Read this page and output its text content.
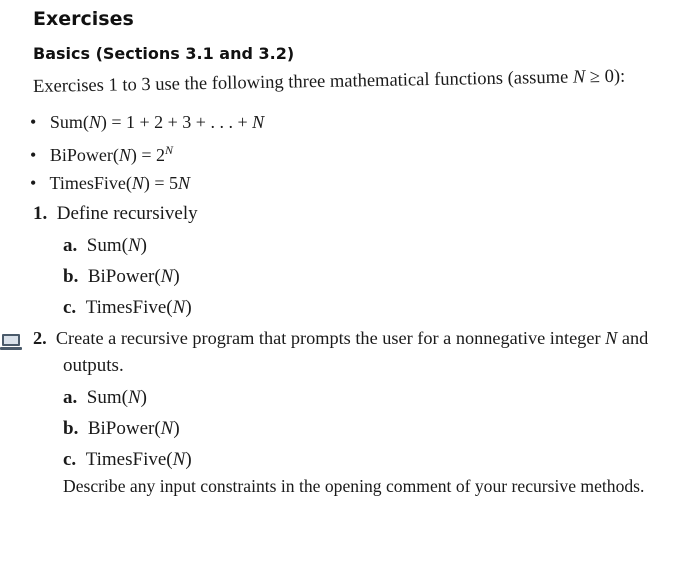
Exercises
Basics (Sections 3.1 and 3.2)
Exercises 1 to 3 use the following three mathematical functions (assume N ≥ 0):
• Sum(N) = 1 + 2 + 3 + . . . + N
• BiPower(N) = $2^N$
• TimesFive(N) = 5N
1. Define recursively
a. Sum(N)
b. BiPower(N)
c. TimesFive(N)
2. Create a recursive program that prompts the user for a nonnegative integer N and
outputs.
a. Sum(N)
b. BiPower(N)
c. TimesFive(N)
Describe any input constraints in the opening comment of your recursive methods.
